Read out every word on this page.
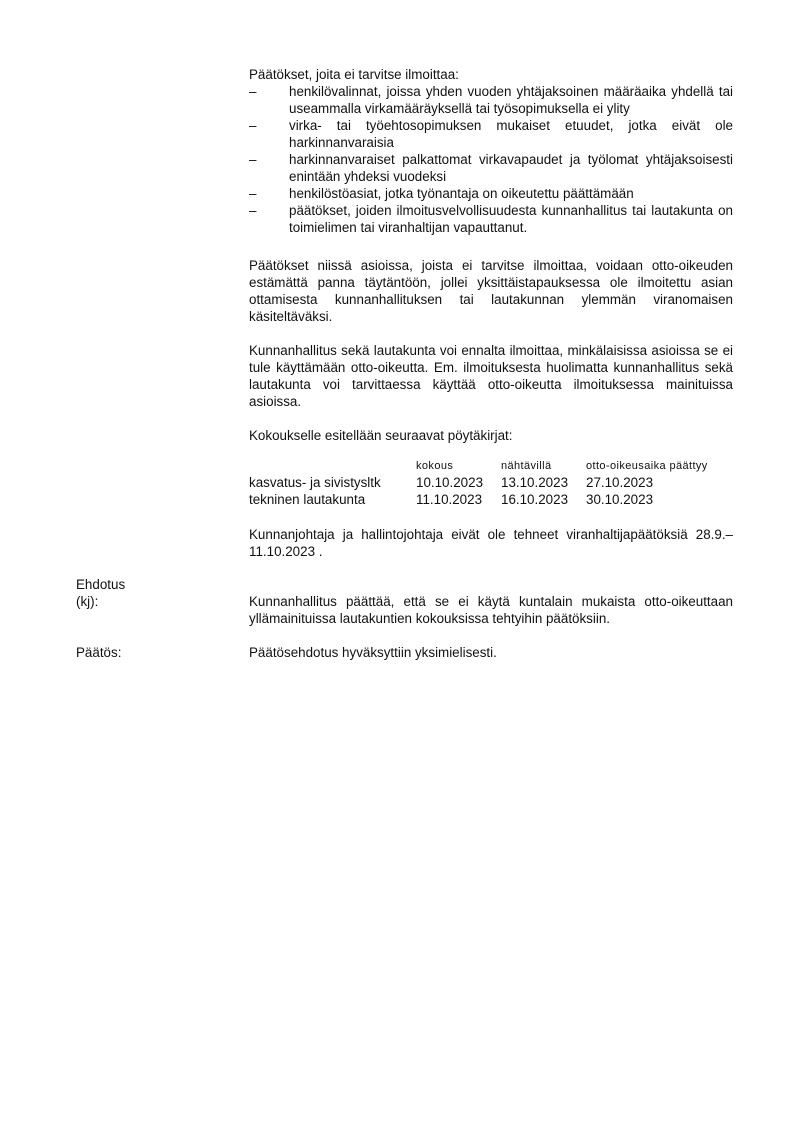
Päätökset, joita ei tarvitse ilmoittaa:

– henkilövalinnat, joissa yhden vuoden yhtäjaksoinen määräaika yhdellä tai useammalla virkamääräyksellä tai työsopimuksella ei ylity
– virka- tai työehtosopimuksen mukaiset etuudet, jotka eivät ole harkinnanvaraisia
– harkinnanvaraiset palkattomat virkavapaudet ja työlomat yhtäjaksoisesti enintään yhdeksi vuodeksi
– henkilöstöasiat, jotka työnantaja on oikeutettu päättämään
– päätökset, joiden ilmoitusvelvollisuudesta kunnanhallitus tai lautakunta on toimielimen tai viranhaltijan vapauttanut.

Päätökset niissä asioissa, joista ei tarvitse ilmoittaa, voidaan otto-oikeuden estämättä panna täytäntöön, jollei yksittäistapauksessa ole ilmoitettu asian ottamisesta kunnanhallituksen tai lautakunnan ylemmän viranomaisen käsiteltäväksi.

Kunnanhallitus sekä lautakunta voi ennalta ilmoittaa, minkälaisissa asioissa se ei tule käyttämään otto-oikeutta. Em. ilmoituksesta huolimatta kunnanhallitus sekä lautakunta voi tarvittaessa käyttää otto-oikeutta ilmoituksessa mainituissa asioissa.

Kokoukselle esitellään seuraavat pöytäkirjat:

	kokous	nähtävillä	otto-oikeusaika päättyy
kasvatus- ja sivistysltk	10.10.2023	13.10.2023	27.10.2023
tekninen lautakunta	11.10.2023	16.10.2023	30.10.2023

Kunnanjohtaja ja hallintojohtaja eivät ole tehneet viranhaltijapäätöksiä 28.9.–11.10.2023 .

Ehdotus
(kj):	Kunnanhallitus päättää, että se ei käytä kuntalain mukaista otto-oikeuttaan yllämainituissa lautakuntien kokouksissa tehtyihin päätöksiin.

Päätös:	Päätösehdotus hyväksyttiin yksimielisesti.
